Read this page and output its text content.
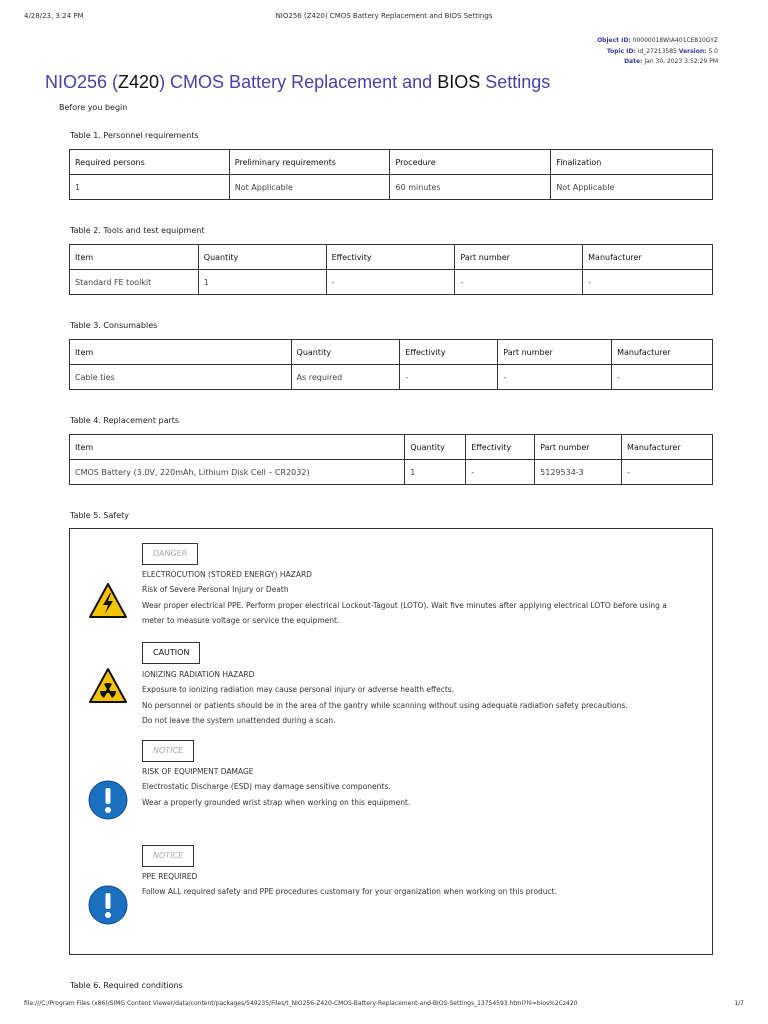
4/28/23, 3:24 PM	NIO256 (Z420) CMOS Battery Replacement and BIOS Settings
Object ID: 00000018WIA401CE810GYZ
Topic ID: id_27213585 Version: 5.0
Date: Jan 30, 2023 3:52:29 PM
NIO256 (Z420) CMOS Battery Replacement and BIOS Settings
Before you begin
Table 1. Personnel requirements
Required persons	Preliminary requirements	Procedure	Finalization
1	Not Applicable	60 minutes	Not Applicable
Table 2. Tools and test equipment
Item	Quantity	Effectivity	Part number	Manufacturer
Standard FE toolkit	1	-	-	-
Table 3. Consumables
Item	Quantity	Effectivity	Part number	Manufacturer
Cable ties	As required	-	-	-
Table 4. Replacement parts
Item	Quantity	Effectivity	Part number	Manufacturer
CMOS Battery (3.0V, 220mAh, Lithium Disk Cell – CR2032)	1	-	5129534-3	-
Table 5. Safety
DANGER
ELECTROCUTION (STORED ENERGY) HAZARD
Risk of Severe Personal Injury or Death
Wear proper electrical PPE. Perform proper electrical Lockout-Tagout (LOTO). Wait five minutes after applying electrical LOTO before using a
meter to measure voltage or service the equipment.
CAUTION
IONIZING RADIATION HAZARD
Exposure to ionizing radiation may cause personal injury or adverse health effects.
No personnel or patients should be in the area of the gantry while scanning without using adequate radiation safety precautions.
Do not leave the system unattended during a scan.
NOTICE
RISK OF EQUIPMENT DAMAGE
Electrostatic Discharge (ESD) may damage sensitive components.
Wear a properly grounded wrist strap when working on this equipment.
NOTICE
PPE REQUIRED
Follow ALL required safety and PPE procedures customary for your organization when working on this product.
Table 6. Required conditions
file:///C:/Program Files (x86)/SIMG Content Viewer/data/content/packages/549235/Files/t_NIO256-Z420-CMOS-Battery-Replacement-and-BIOS-Settings_13754593.html?hl=bios%2Cz420	1/7
